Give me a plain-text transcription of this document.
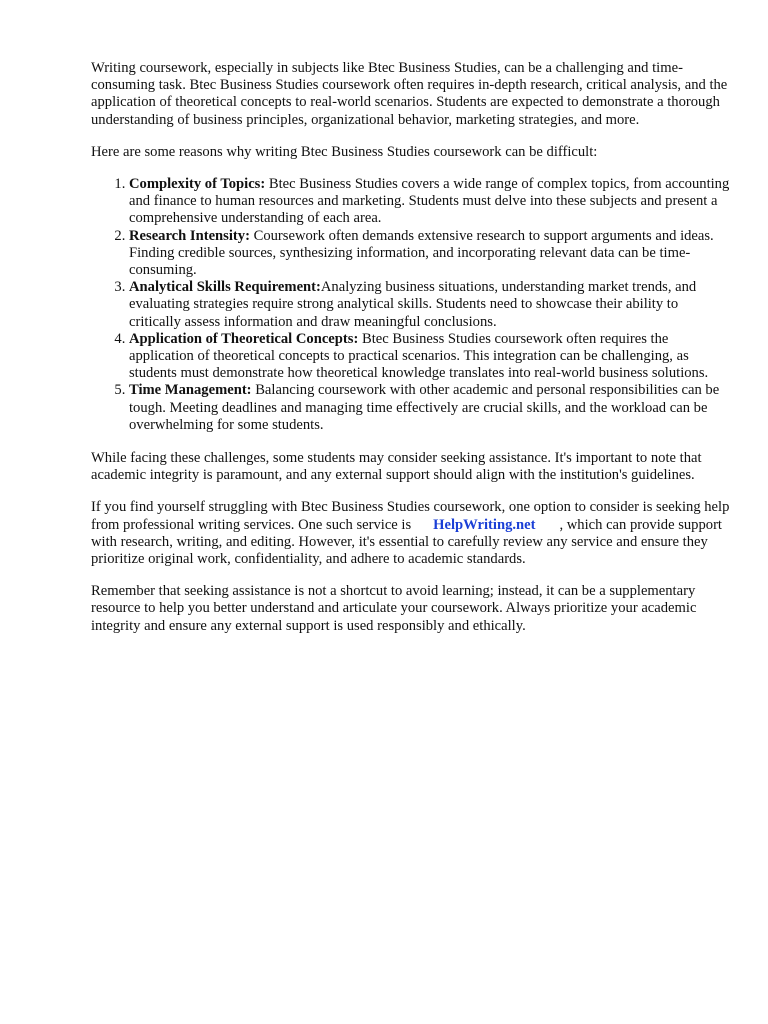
Writing coursework, especially in subjects like Btec Business Studies, can be a challenging and time-consuming task. Btec Business Studies coursework often requires in-depth research, critical analysis, and the application of theoretical concepts to real-world scenarios. Students are expected to demonstrate a thorough understanding of business principles, organizational behavior, marketing strategies, and more.

Here are some reasons why writing Btec Business Studies coursework can be difficult:

1. Complexity of Topics: Btec Business Studies covers a wide range of complex topics, from accounting and finance to human resources and marketing. Students must delve into these subjects and present a comprehensive understanding of each area.
2. Research Intensity: Coursework often demands extensive research to support arguments and ideas. Finding credible sources, synthesizing information, and incorporating relevant data can be time-consuming.
3. Analytical Skills Requirement:Analyzing business situations, understanding market trends, and evaluating strategies require strong analytical skills. Students need to showcase their ability to critically assess information and draw meaningful conclusions.
4. Application of Theoretical Concepts: Btec Business Studies coursework often requires the application of theoretical concepts to practical scenarios. This integration can be challenging, as students must demonstrate how theoretical knowledge translates into real-world business solutions.
5. Time Management: Balancing coursework with other academic and personal responsibilities can be tough. Meeting deadlines and managing time effectively are crucial skills, and the workload can be overwhelming for some students.

While facing these challenges, some students may consider seeking assistance. It's important to note that academic integrity is paramount, and any external support should align with the institution's guidelines.

If you find yourself struggling with Btec Business Studies coursework, one option to consider is seeking help from professional writing services. One such service is HelpWriting.net , which can provide support with research, writing, and editing. However, it's essential to carefully review any service and ensure they prioritize original work, confidentiality, and adhere to academic standards.

Remember that seeking assistance is not a shortcut to avoid learning; instead, it can be a supplementary resource to help you better understand and articulate your coursework. Always prioritize your academic integrity and ensure any external support is used responsibly and ethically.
